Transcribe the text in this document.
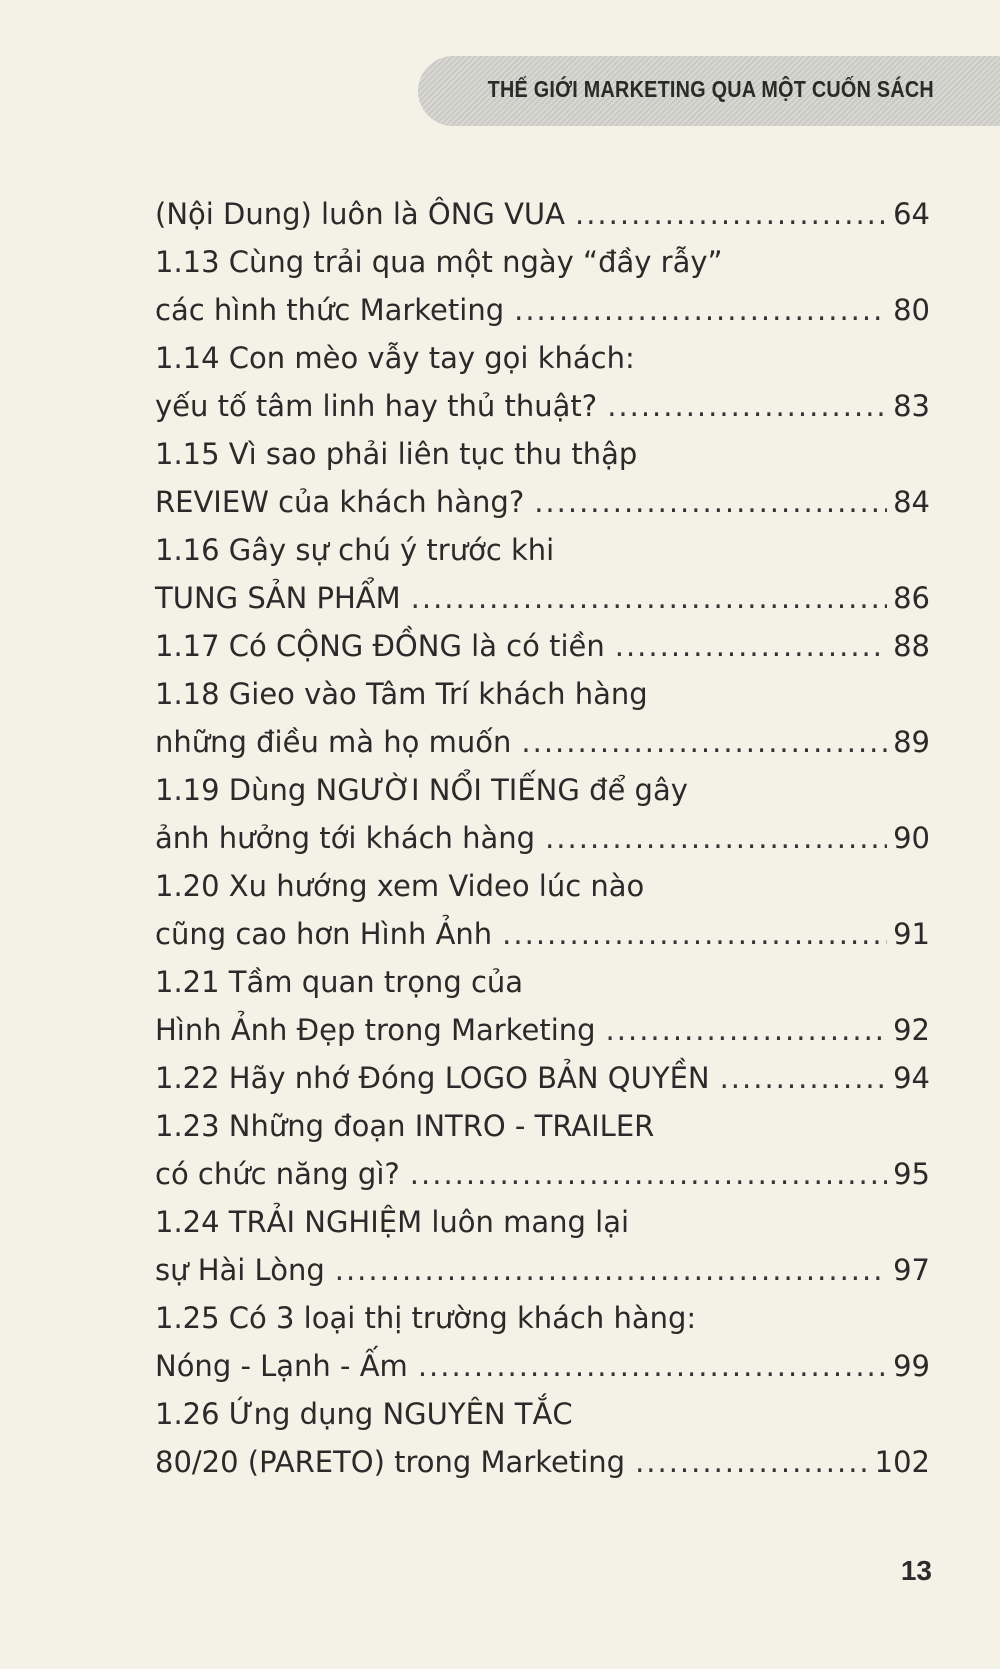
THẾ GIỚI MARKETING QUA MỘT CUỐN SÁCH
(Nội Dung) luôn là ÔNG VUA .....	64
1.13 Cùng trải qua một ngày “đầy rẫy”
các hình thức Marketing .....	80
1.14 Con mèo vẫy tay gọi khách:
yếu tố tâm linh hay thủ thuật? .....	83
1.15 Vì sao phải liên tục thu thập
REVIEW của khách hàng? .....	84
1.16 Gây sự chú ý trước khi
TUNG SẢN PHẨM .....	86
1.17 Có CỘNG ĐỒNG là có tiền .....	88
1.18 Gieo vào Tâm Trí khách hàng
những điều mà họ muốn .....	89
1.19 Dùng NGƯỜI NỔI TIẾNG để gây
ảnh hưởng tới khách hàng .....	90
1.20 Xu hướng xem Video lúc nào
cũng cao hơn Hình Ảnh .....	91
1.21 Tầm quan trọng của
Hình Ảnh Đẹp trong Marketing .....	92
1.22 Hãy nhớ Đóng LOGO BẢN QUYỀN .....	94
1.23 Những đoạn INTRO - TRAILER
có chức năng gì? .....	95
1.24 TRẢI NGHIỆM luôn mang lại
sự Hài Lòng .....	97
1.25 Có 3 loại thị trường khách hàng:
Nóng - Lạnh - Ấm .....	99
1.26 Ứng dụng NGUYÊN TẮC
80/20 (PARETO) trong Marketing .....	102
13
